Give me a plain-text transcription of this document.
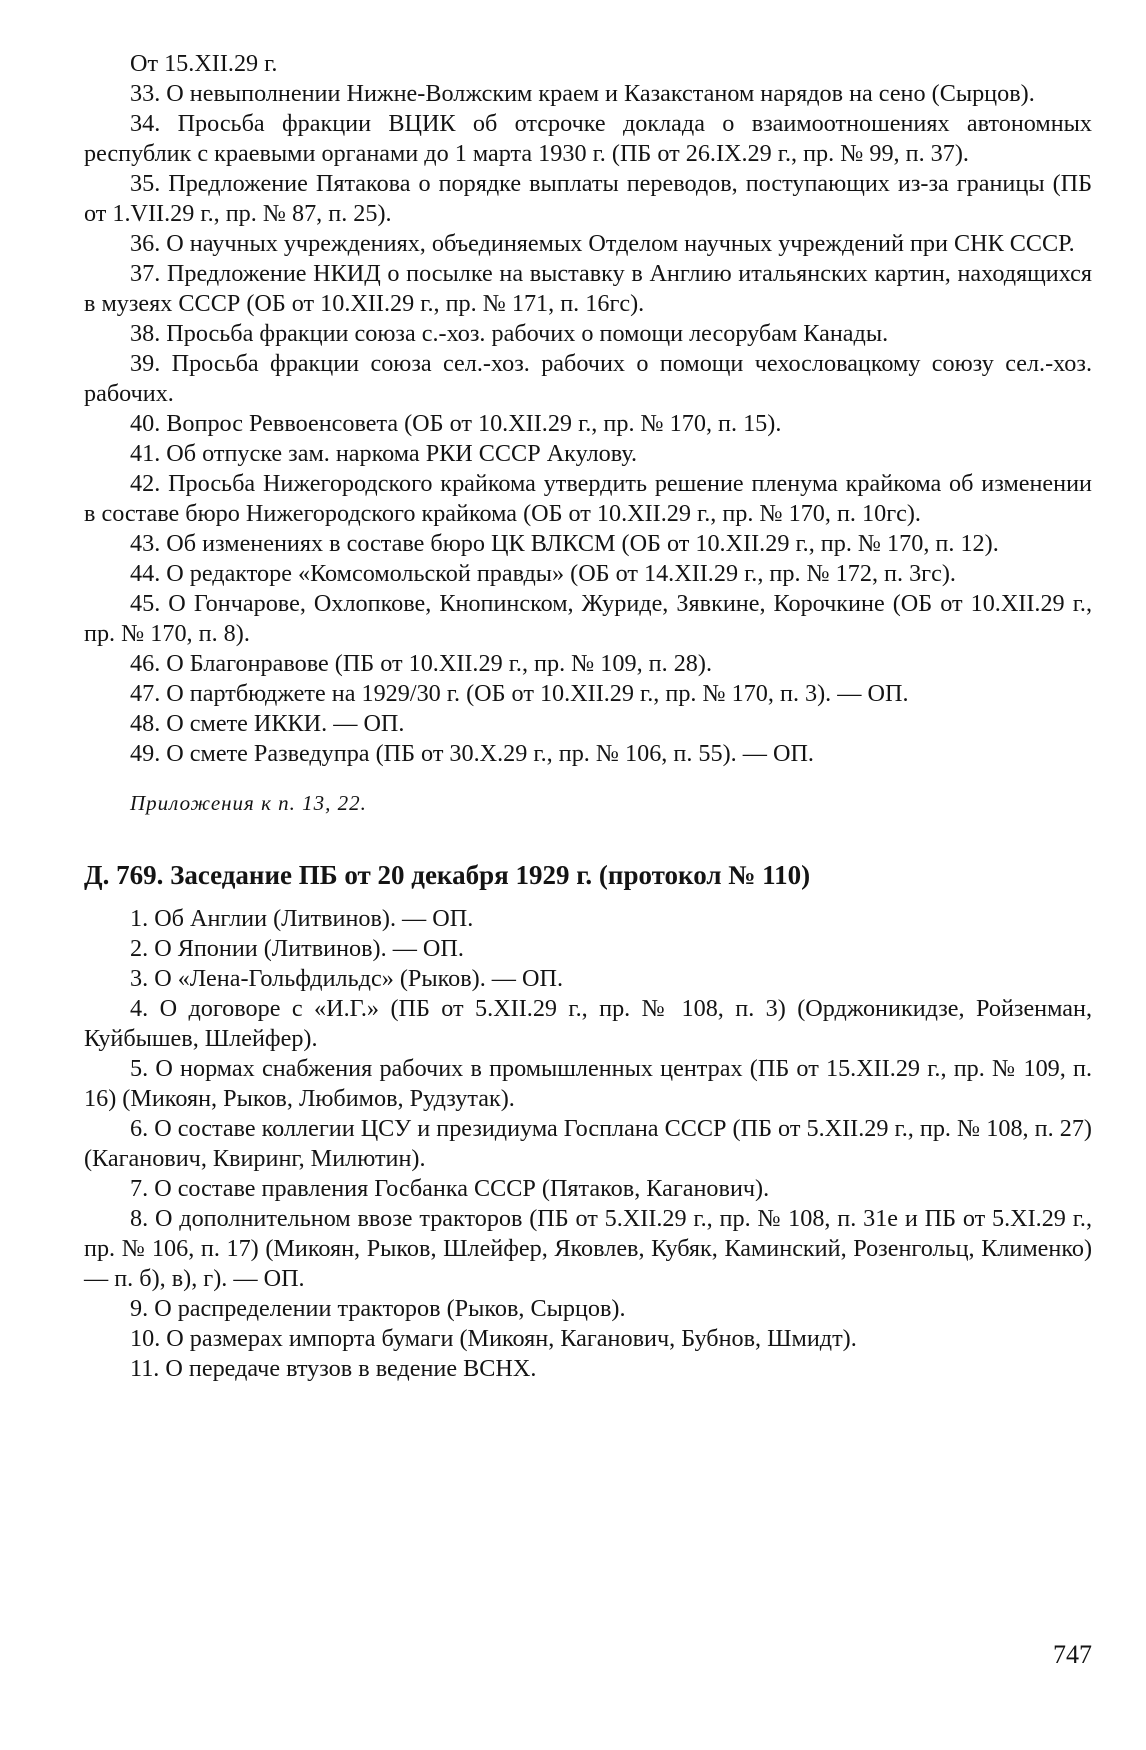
От 15.XII.29 г.

33. О невыполнении Нижне-Волжским краем и Казакстаном нарядов на сено (Сырцов).

34. Просьба фракции ВЦИК об отсрочке доклада о взаимоотношениях автономных республик с краевыми органами до 1 марта 1930 г. (ПБ от 26.IX.29 г., пр. № 99, п. 37).

35. Предложение Пятакова о порядке выплаты переводов, поступающих из-за границы (ПБ от 1.VII.29 г., пр. № 87, п. 25).

36. О научных учреждениях, объединяемых Отделом научных учреждений при СНК СССР.

37. Предложение НКИД о посылке на выставку в Англию итальянских картин, находящихся в музеях СССР (ОБ от 10.XII.29 г., пр. № 171, п. 16гс).

38. Просьба фракции союза с.-хоз. рабочих о помощи лесорубам Канады.

39. Просьба фракции союза сел.-хоз. рабочих о помощи чехословацкому союзу сел.-хоз. рабочих.

40. Вопрос Реввоенсовета (ОБ от 10.XII.29 г., пр. № 170, п. 15).

41. Об отпуске зам. наркома РКИ СССР Акулову.

42. Просьба Нижегородского крайкома утвердить решение пленума крайкома об изменении в составе бюро Нижегородского крайкома (ОБ от 10.XII.29 г., пр. № 170, п. 10гс).

43. Об изменениях в составе бюро ЦК ВЛКСМ (ОБ от 10.XII.29 г., пр. № 170, п. 12).

44. О редакторе «Комсомольской правды» (ОБ от 14.XII.29 г., пр. № 172, п. 3гс).

45. О Гончарове, Охлопкове, Кнопинском, Журиде, Зявкине, Корочкине (ОБ от 10.XII.29 г., пр. № 170, п. 8).

46. О Благонравове (ПБ от 10.XII.29 г., пр. № 109, п. 28).

47. О партбюджете на 1929/30 г. (ОБ от 10.XII.29 г., пр. № 170, п. 3). — ОП.

48. О смете ИККИ. — ОП.

49. О смете Разведупра (ПБ от 30.X.29 г., пр. № 106, п. 55). — ОП.

Приложения к п. 13, 22.

Д. 769. Заседание ПБ от 20 декабря 1929 г. (протокол № 110)

1. Об Англии (Литвинов). — ОП.

2. О Японии (Литвинов). — ОП.

3. О «Лена-Гольфдильдс» (Рыков). — ОП.

4. О договоре с «И.Г.» (ПБ от 5.XII.29 г., пр. № 108, п. 3) (Орджоникидзе, Ройзенман, Куйбышев, Шлейфер).

5. О нормах снабжения рабочих в промышленных центрах (ПБ от 15.XII.29 г., пр. № 109, п. 16) (Микоян, Рыков, Любимов, Рудзутак).

6. О составе коллегии ЦСУ и президиума Госплана СССР (ПБ от 5.XII.29 г., пр. № 108, п. 27) (Каганович, Квиринг, Милютин).

7. О составе правления Госбанка СССР (Пятаков, Каганович).

8. О дополнительном ввозе тракторов (ПБ от 5.XII.29 г., пр. № 108, п. 31е и ПБ от 5.XI.29 г., пр. № 106, п. 17) (Микоян, Рыков, Шлейфер, Яковлев, Кубяк, Каминский, Розенгольц, Клименко) — п. б), в), г). — ОП.

9. О распределении тракторов (Рыков, Сырцов).

10. О размерах импорта бумаги (Микоян, Каганович, Бубнов, Шмидт).

11. О передаче втузов в ведение ВСНХ.

747
